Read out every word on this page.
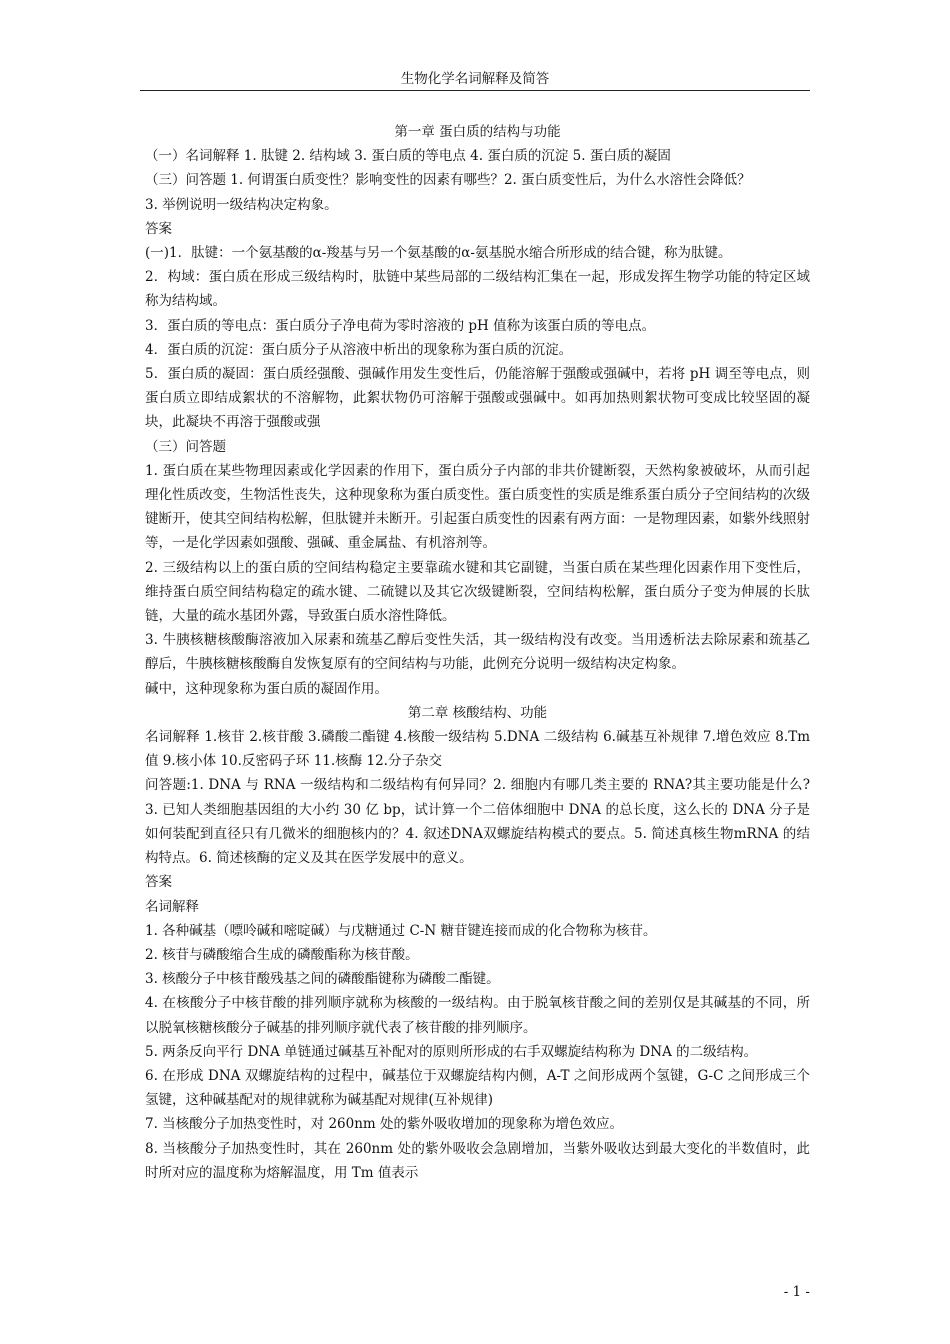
生物化学名词解释及简答

第一章 蛋白质的结构与功能

（一）名词解释 1. 肽键 2. 结构域 3. 蛋白质的等电点 4. 蛋白质的沉淀 5. 蛋白质的凝固

（三）问答题 1. 何谓蛋白质变性？影响变性的因素有哪些？2. 蛋白质变性后，为什么水溶性会降低？

3. 举例说明一级结构决定构象。

答案

(一)1．肽键：一个氨基酸的α-羧基与另一个氨基酸的α-氨基脱水缩合所形成的结合键，称为肽键。

2．构域：蛋白质在形成三级结构时，肽链中某些局部的二级结构汇集在一起，形成发挥生物学功能的特定区域称为结构域。

3．蛋白质的等电点：蛋白质分子净电荷为零时溶液的 pH 值称为该蛋白质的等电点。

4．蛋白质的沉淀：蛋白质分子从溶液中析出的现象称为蛋白质的沉淀。

5．蛋白质的凝固：蛋白质经强酸、强碱作用发生变性后，仍能溶解于强酸或强碱中，若将 pH 调至等电点，则蛋白质立即结成絮状的不溶解物，此絮状物仍可溶解于强酸或强碱中。如再加热则絮状物可变成比较坚固的凝块，此凝块不再溶于强酸或强

（三）问答题

1. 蛋白质在某些物理因素或化学因素的作用下，蛋白质分子内部的非共价键断裂，天然构象被破坏，从而引起理化性质改变，生物活性丧失，这种现象称为蛋白质变性。蛋白质变性的实质是维系蛋白质分子空间结构的次级键断开，使其空间结构松解，但肽键并未断开。引起蛋白质变性的因素有两方面：一是物理因素，如紫外线照射等，一是化学因素如强酸、强碱、重金属盐、有机溶剂等。

2. 三级结构以上的蛋白质的空间结构稳定主要靠疏水键和其它副键，当蛋白质在某些理化因素作用下变性后，维持蛋白质空间结构稳定的疏水键、二硫键以及其它次级键断裂，空间结构松解，蛋白质分子变为伸展的长肽链，大量的疏水基团外露，导致蛋白质水溶性降低。

3. 牛胰核糖核酸酶溶液加入尿素和巯基乙醇后变性失活，其一级结构没有改变。当用透析法去除尿素和巯基乙醇后，牛胰核糖核酸酶自发恢复原有的空间结构与功能，此例充分说明一级结构决定构象。

碱中，这种现象称为蛋白质的凝固作用。

第二章 核酸结构、功能

名词解释 1.核苷 2.核苷酸 3.磷酸二酯键 4.核酸一级结构 5.DNA 二级结构 6.碱基互补规律 7.增色效应 8.Tm 值 9.核小体 10.反密码子环 11.核酶 12.分子杂交

问答题:1. DNA 与 RNA 一级结构和二级结构有何异同？2. 细胞内有哪几类主要的 RNA?其主要功能是什么? 3. 已知人类细胞基因组的大小约 30 亿 bp，试计算一个二倍体细胞中 DNA 的总长度，这么长的 DNA 分子是如何装配到直径只有几微米的细胞核内的？4. 叙述DNA双螺旋结构模式的要点。5. 简述真核生物mRNA 的结构特点。6. 简述核酶的定义及其在医学发展中的意义。

答案

名词解释

1. 各种碱基（嘌呤碱和嘧啶碱）与戊糖通过 C-N 糖苷键连接而成的化合物称为核苷。

2. 核苷与磷酸缩合生成的磷酸酯称为核苷酸。

3. 核酸分子中核苷酸残基之间的磷酸酯键称为磷酸二酯键。

4. 在核酸分子中核苷酸的排列顺序就称为核酸的一级结构。由于脱氧核苷酸之间的差别仅是其碱基的不同，所以脱氧核糖核酸分子碱基的排列顺序就代表了核苷酸的排列顺序。

5. 两条反向平行 DNA 单链通过碱基互补配对的原则所形成的右手双螺旋结构称为 DNA 的二级结构。

6. 在形成 DNA 双螺旋结构的过程中，碱基位于双螺旋结构内侧，A-T 之间形成两个氢键，G-C 之间形成三个氢键，这种碱基配对的规律就称为碱基配对规律(互补规律)

7. 当核酸分子加热变性时，对 260nm 处的紫外吸收增加的现象称为增色效应。

8. 当核酸分子加热变性时，其在 260nm 处的紫外吸收会急剧增加，当紫外吸收达到最大变化的半数值时，此时所对应的温度称为熔解温度，用 Tm 值表示

- 1 -
